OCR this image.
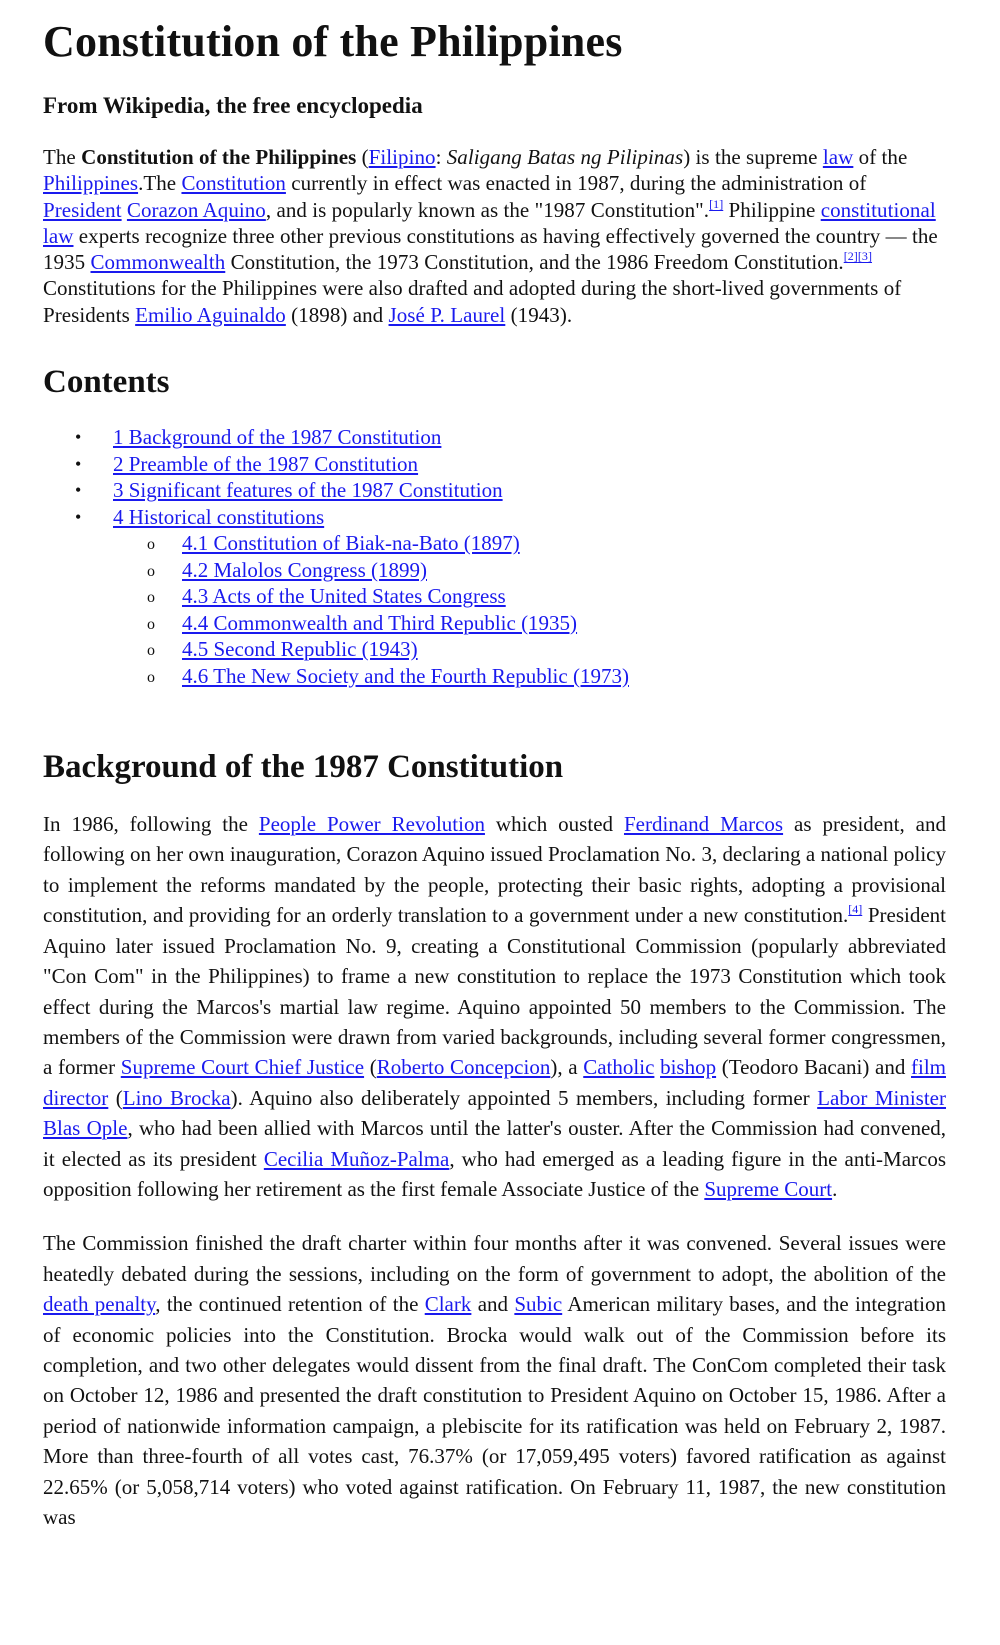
Constitution of the Philippines
From Wikipedia, the free encyclopedia

The Constitution of the Philippines (Filipino: Saligang Batas ng Pilipinas) is the supreme law of the Philippines.The Constitution currently in effect was enacted in 1987, during the administration of President Corazon Aquino, and is popularly known as the "1987 Constitution".[1] Philippine constitutional law experts recognize three other previous constitutions as having effectively governed the country — the 1935 Commonwealth Constitution, the 1973 Constitution, and the 1986 Freedom Constitution.[2][3] Constitutions for the Philippines were also drafted and adopted during the short-lived governments of Presidents Emilio Aguinaldo (1898) and José P. Laurel (1943).

Contents
• 1 Background of the 1987 Constitution
• 2 Preamble of the 1987 Constitution
• 3 Significant features of the 1987 Constitution
• 4 Historical constitutions
o 4.1 Constitution of Biak-na-Bato (1897)
o 4.2 Malolos Congress (1899)
o 4.3 Acts of the United States Congress
o 4.4 Commonwealth and Third Republic (1935)
o 4.5 Second Republic (1943)
o 4.6 The New Society and the Fourth Republic (1973)
Background of the 1987 Constitution

In 1986, following the People Power Revolution which ousted Ferdinand Marcos as president, and following on her own inauguration, Corazon Aquino issued Proclamation No. 3, declaring a national policy to implement the reforms mandated by the people, protecting their basic rights, adopting a provisional constitution, and providing for an orderly translation to a government under a new constitution.[4] President Aquino later issued Proclamation No. 9, creating a Constitutional Commission (popularly abbreviated "Con Com" in the Philippines) to frame a new constitution to replace the 1973 Constitution which took effect during the Marcos's martial law regime. Aquino appointed 50 members to the Commission. The members of the Commission were drawn from varied backgrounds, including several former congressmen, a former Supreme Court Chief Justice (Roberto Concepcion), a Catholic bishop (Teodoro Bacani) and film director (Lino Brocka). Aquino also deliberately appointed 5 members, including former Labor Minister Blas Ople, who had been allied with Marcos until the latter's ouster. After the Commission had convened, it elected as its president Cecilia Muñoz-Palma, who had emerged as a leading figure in the anti-Marcos opposition following her retirement as the first female Associate Justice of the Supreme Court.

The Commission finished the draft charter within four months after it was convened. Several issues were heatedly debated during the sessions, including on the form of government to adopt, the abolition of the death penalty, the continued retention of the Clark and Subic American military bases, and the integration of economic policies into the Constitution. Brocka would walk out of the Commission before its completion, and two other delegates would dissent from the final draft. The ConCom completed their task on October 12, 1986 and presented the draft constitution to President Aquino on October 15, 1986. After a period of nationwide information campaign, a plebiscite for its ratification was held on February 2, 1987. More than three-fourth of all votes cast, 76.37% (or 17,059,495 voters) favored ratification as against 22.65% (or 5,058,714 voters) who voted against ratification. On February 11, 1987, the new constitution was
